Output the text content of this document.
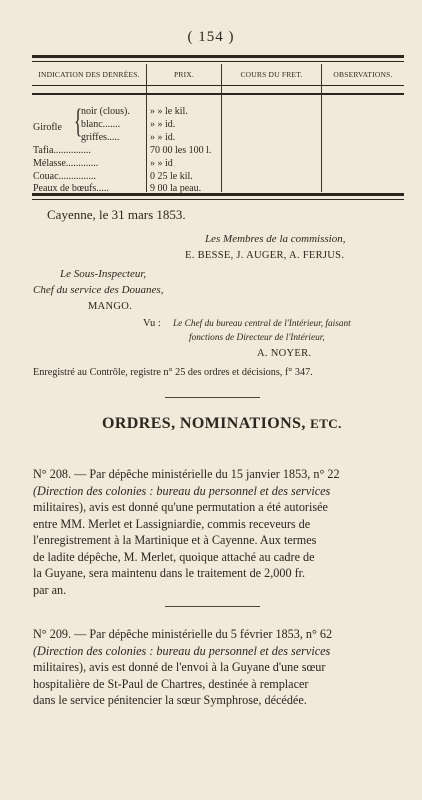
( 154 )
INDICATION DES DENRÉES.	PRIX.	COURS DU FRET.	OBSERVATIONS.
Girofle {
noir (clous). » » le kil.
blanc.......	» » id.
griffes.....	» » id.
Tafia...............	70 00 les 100 l.
Mélasse.............	» » id
Couac...............	0 25 le kil.
Peaux de bœufs.....	9 00 la peau.
Cayenne, le 31 mars 1853.
Les Membres de la commission,
E. BESSE, J. AUGER, A. FERJUS.
Le Sous-Inspecteur,
Chef du service des Douanes,
MANGO.
Vu : Le Chef du bureau central de l'Intérieur, faisant
fonctions de Directeur de l'Intérieur,
A. NOYER.
Enregistré au Contrôle, registre n° 25 des ordres et décisions, f° 347.
ORDRES, NOMINATIONS, ETC.
N° 208. — Par dépêche ministérielle du 15 janvier 1853, n° 22
(Direction des colonies : bureau du personnel et des services
militaires), avis est donné qu'une permutation a été autorisée
entre MM. Merlet et Lassigniardie, commis receveurs de
l'enregistrement à la Martinique et à Cayenne. Aux termes
de ladite dépêche, M. Merlet, quoique attaché au cadre de
la Guyane, sera maintenu dans le traitement de 2,000 fr.
par an.
N° 209. — Par dépêche ministérielle du 5 février 1853, n° 62
(Direction des colonies : bureau du personnel et des services
militaires), avis est donné de l'envoi à la Guyane d'une sœur
hospitalière de St-Paul de Chartres, destinée à remplacer
dans le service pénitencier la sœur Symphrose, décédée.
